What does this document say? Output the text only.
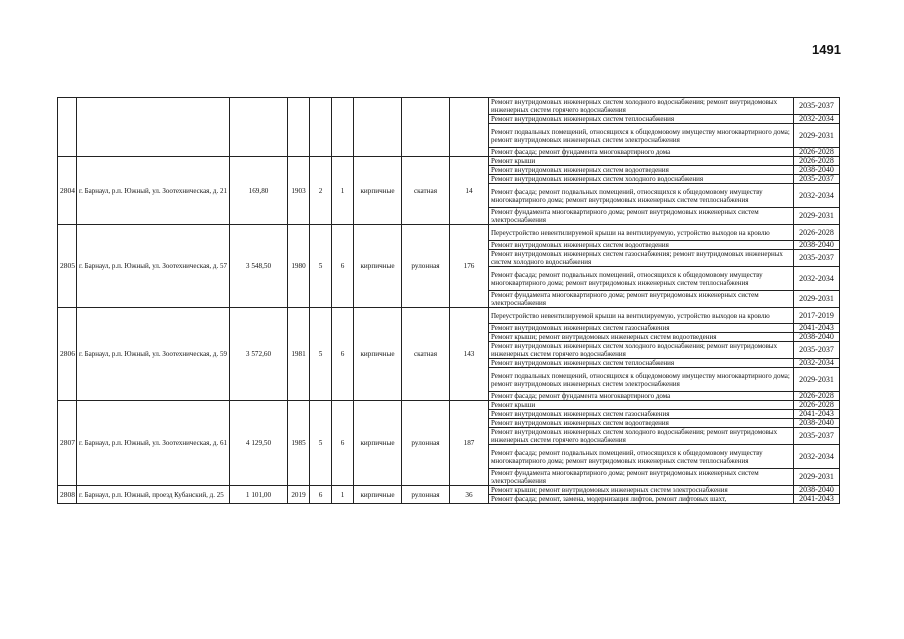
1491
									Ремонт внутридомовых инженерных систем холодного водоснабжения; ремонт внутридомовых инженерных систем горячего водоснабжения	2035-2037
									Ремонт внутридомовых инженерных систем теплоснабжения	2032-2034
									Ремонт подвальных помещений, относящихся к общедомовому имуществу многоквартирного дома; ремонт внутридомовых инженерных систем электроснабжения	2029-2031
									Ремонт фасада; ремонт фундамента многоквартирного дома	2026-2028
2804	г. Барнаул, р.п. Южный, ул. Зоотехническая, д. 21	169,80	1903	2	1	кирпичные	скатная	14	Ремонт крыши	2026-2028
									Ремонт внутридомовых инженерных систем водоотведения	2038-2040
									Ремонт внутридомовых инженерных систем холодного водоснабжения	2035-2037
									Ремонт фасада; ремонт подвальных помещений, относящихся к общедомовому имуществу многоквартирного дома; ремонт внутридомовых инженерных систем теплоснабжения	2032-2034
									Ремонт фундамента многоквартирного дома; ремонт внутридомовых инженерных систем электроснабжения	2029-2031
2805	г. Барнаул, р.п. Южный, ул. Зоотехническая, д. 57	3 548,50	1980	5	6	кирпичные	рулонная	176	Переустройство невентилируемой крыши на вентилируемую, устройство выходов на кровлю	2026-2028
									Ремонт внутридомовых инженерных систем водоотведения	2038-2040
									Ремонт внутридомовых инженерных систем газоснабжения; ремонт внутридомовых инженерных систем холодного водоснабжения	2035-2037
									Ремонт фасада; ремонт подвальных помещений, относящихся к общедомовому имуществу многоквартирного дома; ремонт внутридомовых инженерных систем теплоснабжения	2032-2034
									Ремонт фундамента многоквартирного дома; ремонт внутридомовых инженерных систем электроснабжения	2029-2031
2806	г. Барнаул, р.п. Южный, ул. Зоотехническая, д. 59	3 572,60	1981	5	6	кирпичные	скатная	143	Переустройство невентилируемой крыши на вентилируемую, устройство выходов на кровлю	2017-2019
									Ремонт внутридомовых инженерных систем газоснабжения	2041-2043
									Ремонт крыши; ремонт внутридомовых инженерных систем водоотведения	2038-2040
									Ремонт внутридомовых инженерных систем холодного водоснабжения; ремонт внутридомовых инженерных систем горячего водоснабжения	2035-2037
									Ремонт внутридомовых инженерных систем теплоснабжения	2032-2034
									Ремонт подвальных помещений, относящихся к общедомовому имуществу многоквартирного дома; ремонт внутридомовых инженерных систем электроснабжения	2029-2031
									Ремонт фасада; ремонт фундамента многоквартирного дома	2026-2028
2807	г. Барнаул, р.п. Южный, ул. Зоотехническая, д. 61	4 129,50	1985	5	6	кирпичные	рулонная	187	Ремонт крыши	2026-2028
									Ремонт внутридомовых инженерных систем газоснабжения	2041-2043
									Ремонт внутридомовых инженерных систем водоотведения	2038-2040
									Ремонт внутридомовых инженерных систем холодного водоснабжения; ремонт внутридомовых инженерных систем горячего водоснабжения	2035-2037
									Ремонт фасада; ремонт подвальных помещений, относящихся к общедомовому имуществу многоквартирного дома; ремонт внутридомовых инженерных систем теплоснабжения	2032-2034
									Ремонт фундамента многоквартирного дома; ремонт внутридомовых инженерных систем электроснабжения	2029-2031
2808	г. Барнаул, р.п. Южный, проезд Кубанский, д. 25	1 101,00	2019	6	1	кирпичные	рулонная	36	Ремонт крыши; ремонт внутридомовых инженерных систем электроснабжения	2038-2040
									Ремонт фасада; ремонт, замена, модернизация лифтов, ремонт лифтовых шахт,	2041-2043
